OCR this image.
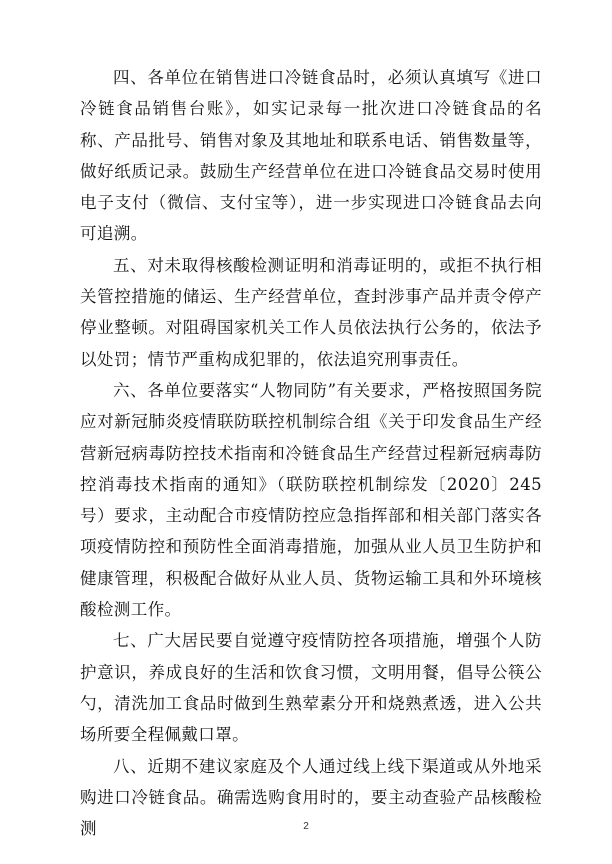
四、各单位在销售进口冷链食品时，必须认真填写《进口冷链食品销售台账》，如实记录每一批次进口冷链食品的名称、产品批号、销售对象及其地址和联系电话、销售数量等，做好纸质记录。鼓励生产经营单位在进口冷链食品交易时使用电子支付（微信、支付宝等），进一步实现进口冷链食品去向可追溯。

五、对未取得核酸检测证明和消毒证明的，或拒不执行相关管控措施的储运、生产经营单位，查封涉事产品并责令停产停业整顿。对阻碍国家机关工作人员依法执行公务的，依法予以处罚；情节严重构成犯罪的，依法追究刑事责任。

六、各单位要落实“人物同防”有关要求，严格按照国务院应对新冠肺炎疫情联防联控机制综合组《关于印发食品生产经营新冠病毒防控技术指南和冷链食品生产经营过程新冠病毒防控消毒技术指南的通知》（联防联控机制综发〔2020〕245号）要求，主动配合市疫情防控应急指挥部和相关部门落实各项疫情防控和预防性全面消毒措施，加强从业人员卫生防护和健康管理，积极配合做好从业人员、货物运输工具和外环境核酸检测工作。

七、广大居民要自觉遵守疫情防控各项措施，增强个人防护意识，养成良好的生活和饮食习惯，文明用餐，倡导公筷公勺，清洗加工食品时做到生熟荤素分开和烧熟煮透，进入公共场所要全程佩戴口罩。

八、近期不建议家庭及个人通过线上线下渠道或从外地采购进口冷链食品。确需选购食用时的，要主动查验产品核酸检测	2
